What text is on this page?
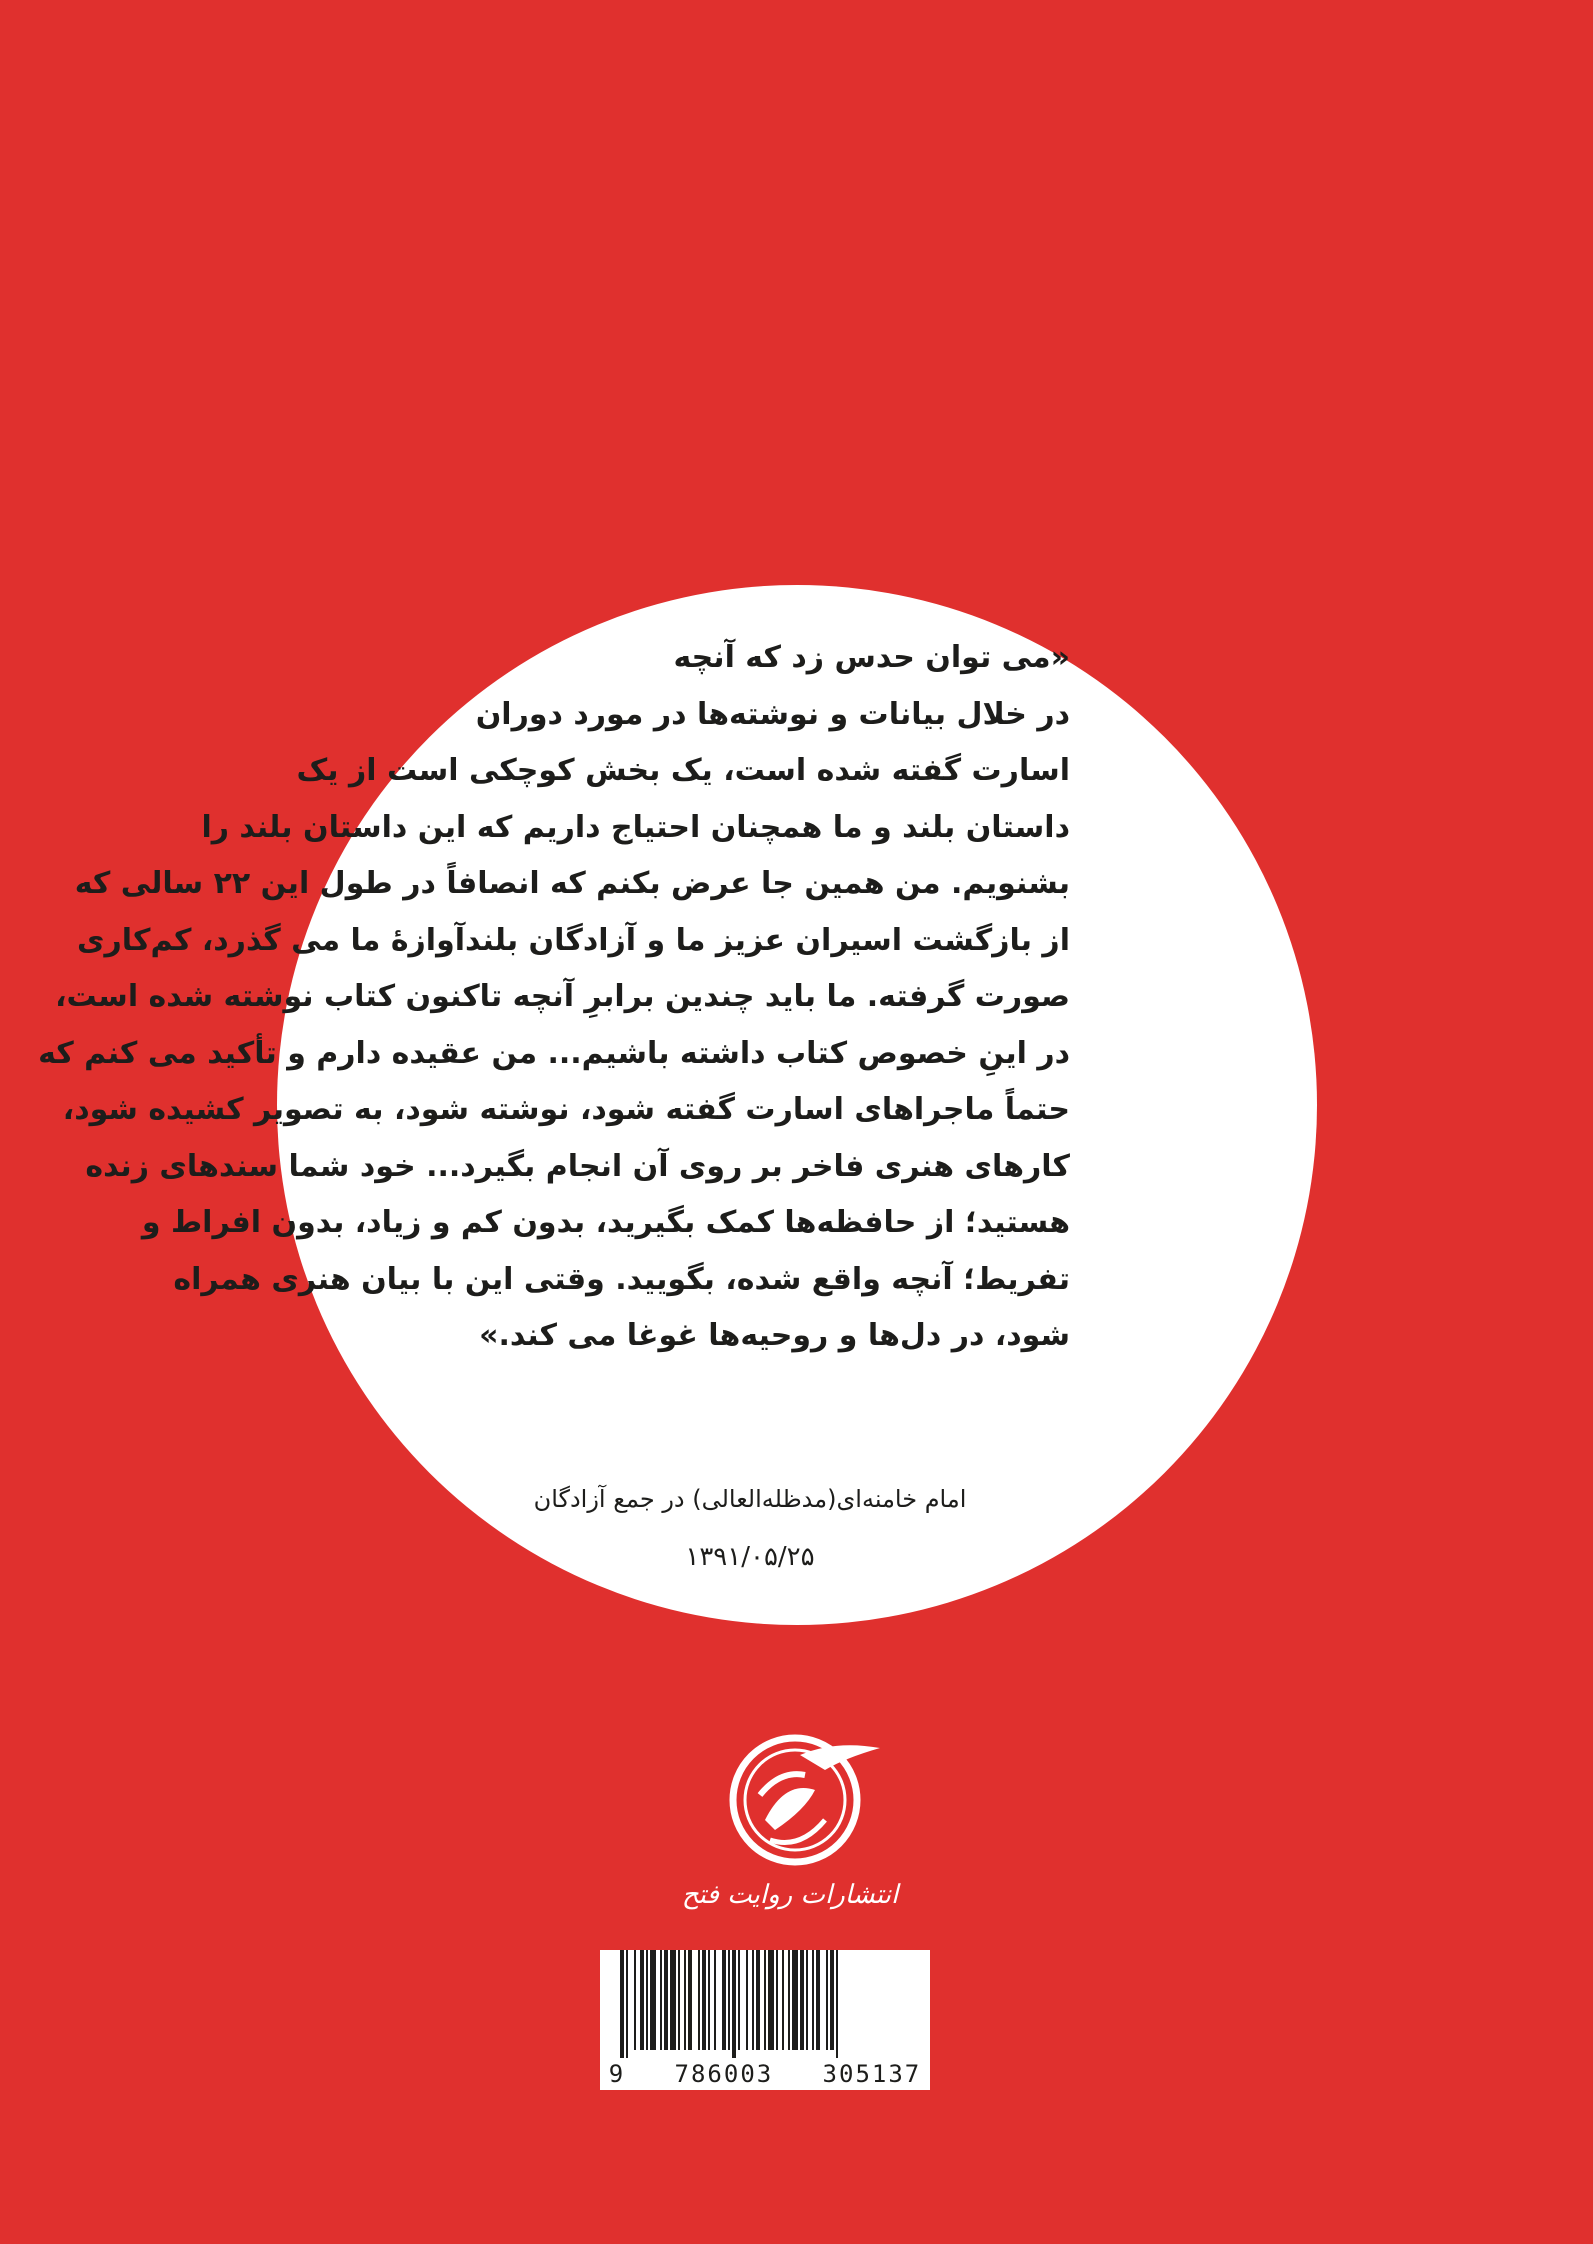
«می توان حدس زد که آنچه
در خلال بیانات و نوشته‌ها در مورد دوران
اسارت گفته شده است، یک بخش کوچکی است از یک
داستان بلند و ما همچنان احتیاج داریم که این داستان بلند را
بشنویم. من همین جا عرض بکنم که انصافاً در طول این ۲۲ سالی که
از بازگشت اسیران عزیز ما و آزادگان بلندآوازهٔ ما می گذرد، کم‌کاری
صورت گرفته. ما باید چندین برابرِ آنچه تاکنون کتاب نوشته شده است،
در اینِ خصوص کتاب داشته باشیم... من عقیده دارم و تأکید می کنم که
حتماً ماجراهای اسارت گفته شود، نوشته شود، به تصویر کشیده شود،
کارهای هنری فاخر بر روی آن انجام بگیرد... خود شما سندهای زنده
هستید؛ از حافظه‌ها کمک بگیرید، بدون کم و زیاد، بدون افراط و
تفریط؛ آنچه واقع شده، بگویید. وقتی این با بیان هنری همراه
شود، در دل‌ها و روحیه‌ها غوغا می کند.»

امام خامنه‌ای(مدظله‌العالی) در جمع آزادگان
۱۳۹۱/۰۵/۲۵
انتشارات روایت فتح
9   786003   305137
